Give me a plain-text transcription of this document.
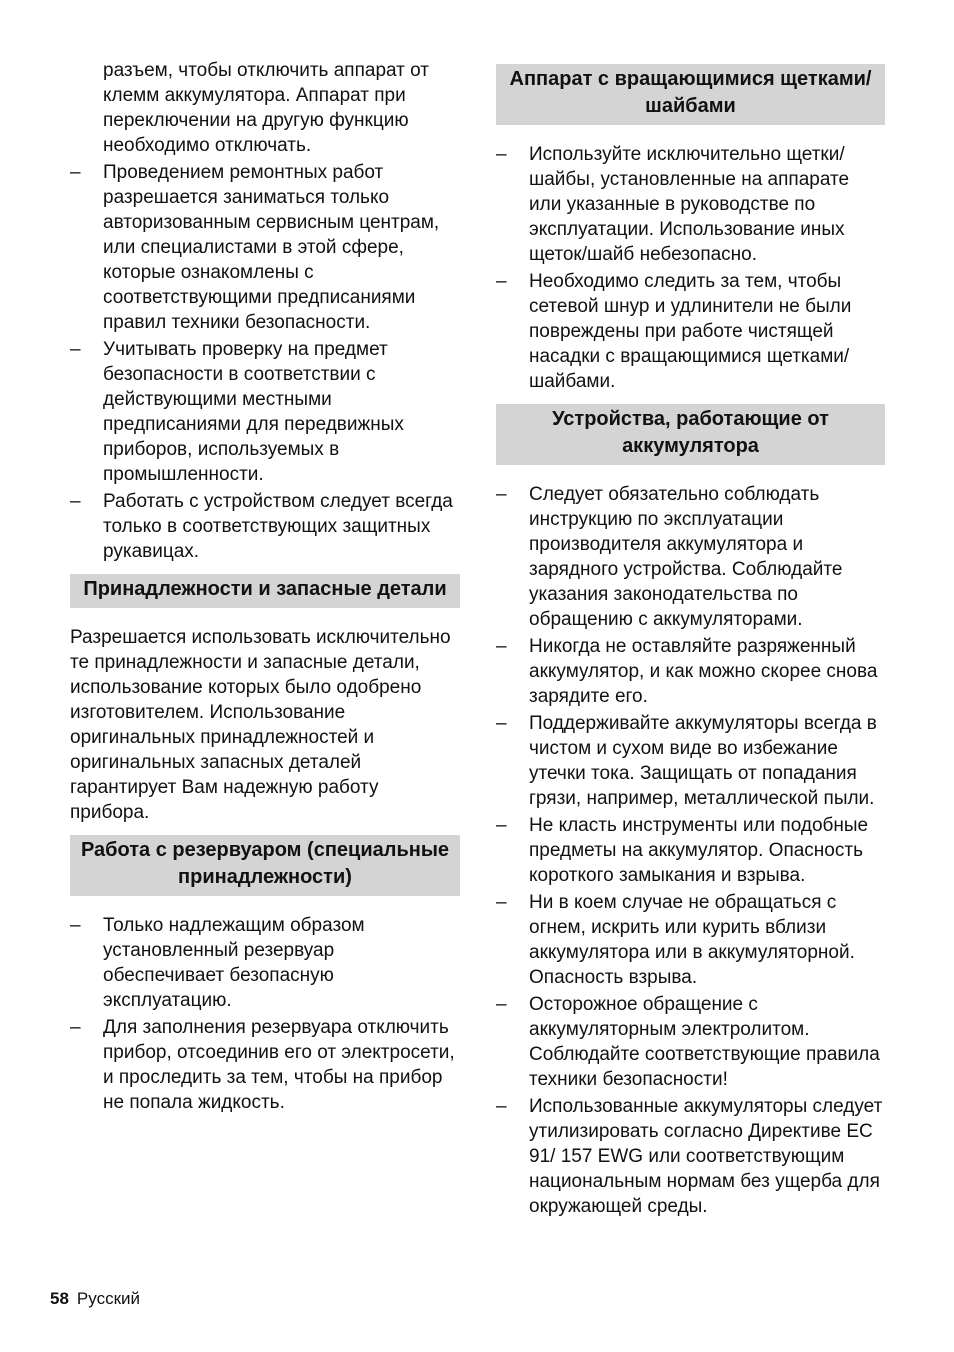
разъем, чтобы отключить аппарат от клемм аккумулятора. Аппарат при переключении на другую функцию необходимо отключать.
– Проведением ремонтных работ разрешается заниматься только авторизованным сервисным центрам, или специалистами в этой сфере, которые ознакомлены с соответствующими предписаниями правил техники безопасности.
– Учитывать проверку на предмет безопасности в соответствии с действующими местными предписаниями для передвижных приборов, используемых в промышленности.
– Работать с устройством следует всегда только в соответствующих защитных рукавицах.
Принадлежности и запасные детали
Разрешается использовать исключительно те принадлежности и запасные детали, использование которых было одобрено изготовителем. Использование оригинальных принадлежностей и оригинальных запасных деталей гарантирует Вам надежную работу прибора.
Работа с резервуаром (специальные принадлежности)
– Только надлежащим образом установленный резервуар обеспечивает безопасную эксплуатацию.
– Для заполнения резервуара отключить прибор, отсоединив его от электросети, и проследить за тем, чтобы на прибор не попала жидкость.
Аппарат с вращающимися щетками/шайбами
– Используйте исключительно щетки/ шайбы, установленные на аппарате или указанные в руководстве по эксплуатации. Использование иных щеток/шайб небезопасно.
– Необходимо следить за тем, чтобы сетевой шнур и удлинители не были повреждены при работе чистящей насадки с вращающимися щетками/ шайбами.
Устройства, работающие от аккумулятора
– Следует обязательно соблюдать инструкцию по эксплуатации производителя аккумулятора и зарядного устройства. Соблюдайте указания законодательства по обращению с аккумуляторами.
– Никогда не оставляйте разряженный аккумулятор, и как можно скорее снова зарядите его.
– Поддерживайте аккумуляторы всегда в чистом и сухом виде во избежание утечки тока. Защищать от попадания грязи, например, металлической пыли.
– Не класть инструменты или подобные предметы на аккумулятор. Опасность короткого замыкания и взрыва.
– Ни в коем случае не обращаться с огнем, искрить или курить вблизи аккумулятора или в аккумуляторной. Опасность взрыва.
– Осторожное обращение с аккумуляторным электролитом. Соблюдайте соответствующие правила техники безопасности!
– Использованные аккумуляторы следует утилизировать согласно Директиве EC 91/ 157 EWG или соответствующим национальным нормам без ущерба для окружающей среды.
58 Русский
